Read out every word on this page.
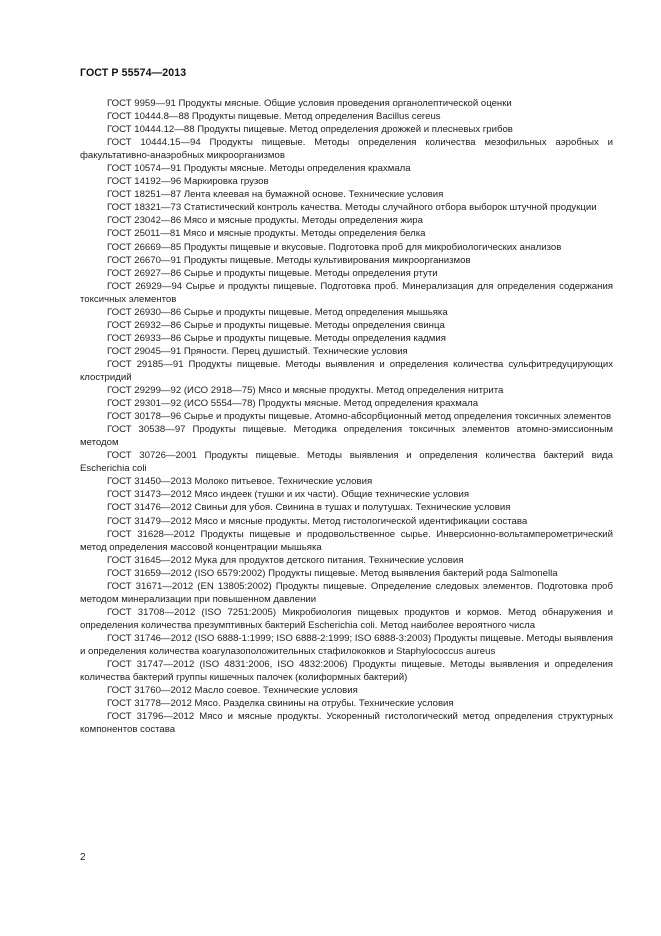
ГОСТ Р 55574—2013

ГОСТ 9959—91 Продукты мясные. Общие условия проведения органолептической оценки

ГОСТ 10444.8—88 Продукты пищевые. Метод определения Bacillus cereus

ГОСТ 10444.12—88 Продукты пищевые. Метод определения дрожжей и плесневых грибов

ГОСТ 10444.15—94 Продукты пищевые. Методы определения количества мезофильных аэробных и факультативно-анаэробных микроорганизмов

ГОСТ 10574—91 Продукты мясные. Методы определения крахмала

ГОСТ 14192—96 Маркировка грузов

ГОСТ 18251—87 Лента клеевая на бумажной основе. Технические условия

ГОСТ 18321—73 Статистический контроль качества. Методы случайного отбора выборок штучной продукции

ГОСТ 23042—86 Мясо и мясные продукты. Методы определения жира

ГОСТ 25011—81 Мясо и мясные продукты. Методы определения белка

ГОСТ 26669—85 Продукты пищевые и вкусовые. Подготовка проб для микробиологических анализов

ГОСТ 26670—91 Продукты пищевые. Методы культивирования микроорганизмов

ГОСТ 26927—86 Сырье и продукты пищевые. Методы определения ртути

ГОСТ 26929—94 Сырье и продукты пищевые. Подготовка проб. Минерализация для определения содержания токсичных элементов

ГОСТ 26930—86 Сырье и продукты пищевые. Метод определения мышьяка

ГОСТ 26932—86 Сырье и продукты пищевые. Методы определения свинца

ГОСТ 26933—86 Сырье и продукты пищевые. Методы определения кадмия

ГОСТ 29045—91 Пряности. Перец душистый. Технические условия

ГОСТ 29185—91 Продукты пищевые. Методы выявления и определения количества сульфитредуцирующих клостридий

ГОСТ 29299—92 (ИСО 2918—75) Мясо и мясные продукты. Метод определения нитрита

ГОСТ 29301—92 (ИСО 5554—78) Продукты мясные. Метод определения крахмала

ГОСТ 30178—96 Сырье и продукты пищевые. Атомно-абсорбционный метод определения токсичных элементов

ГОСТ 30538—97 Продукты пищевые. Методика определения токсичных элементов атомно-эмиссионным методом

ГОСТ 30726—2001 Продукты пищевые. Методы выявления и определения количества бактерий вида Escherichia coli

ГОСТ 31450—2013 Молоко питьевое. Технические условия

ГОСТ 31473—2012 Мясо индеек (тушки и их части). Общие технические условия

ГОСТ 31476—2012 Свиньи для убоя. Свинина в тушах и полутушах. Технические условия

ГОСТ 31479—2012 Мясо и мясные продукты. Метод гистологической идентификации состава

ГОСТ 31628—2012 Продукты пищевые и продовольственное сырье. Инверсионно-вольтамперометрический метод определения массовой концентрации мышьяка

ГОСТ 31645—2012 Мука для продуктов детского питания. Технические условия

ГОСТ 31659—2012 (ISO 6579:2002) Продукты пищевые. Метод выявления бактерий рода Salmonella

ГОСТ 31671—2012 (EN 13805:2002) Продукты пищевые. Определение следовых элементов. Подготовка проб методом минерализации при повышенном давлении

ГОСТ 31708—2012 (ISO 7251:2005) Микробиология пищевых продуктов и кормов. Метод обнаружения и определения количества презумптивных бактерий Escherichia coli. Метод наиболее вероятного числа

ГОСТ 31746—2012 (ISO 6888-1:1999; ISO 6888-2:1999; ISO 6888-3:2003) Продукты пищевые. Методы выявления и определения количества коагулазоположительных стафилококков и Staphylococcus aureus

ГОСТ 31747—2012 (ISO 4831:2006, ISO 4832:2006) Продукты пищевые. Методы выявления и определения количества бактерий группы кишечных палочек (колиформных бактерий)

ГОСТ 31760—2012 Масло соевое. Технические условия

ГОСТ 31778—2012 Мясо. Разделка свинины на отрубы. Технические условия

ГОСТ 31796—2012 Мясо и мясные продукты. Ускоренный гистологический метод определения структурных компонентов состава

2
